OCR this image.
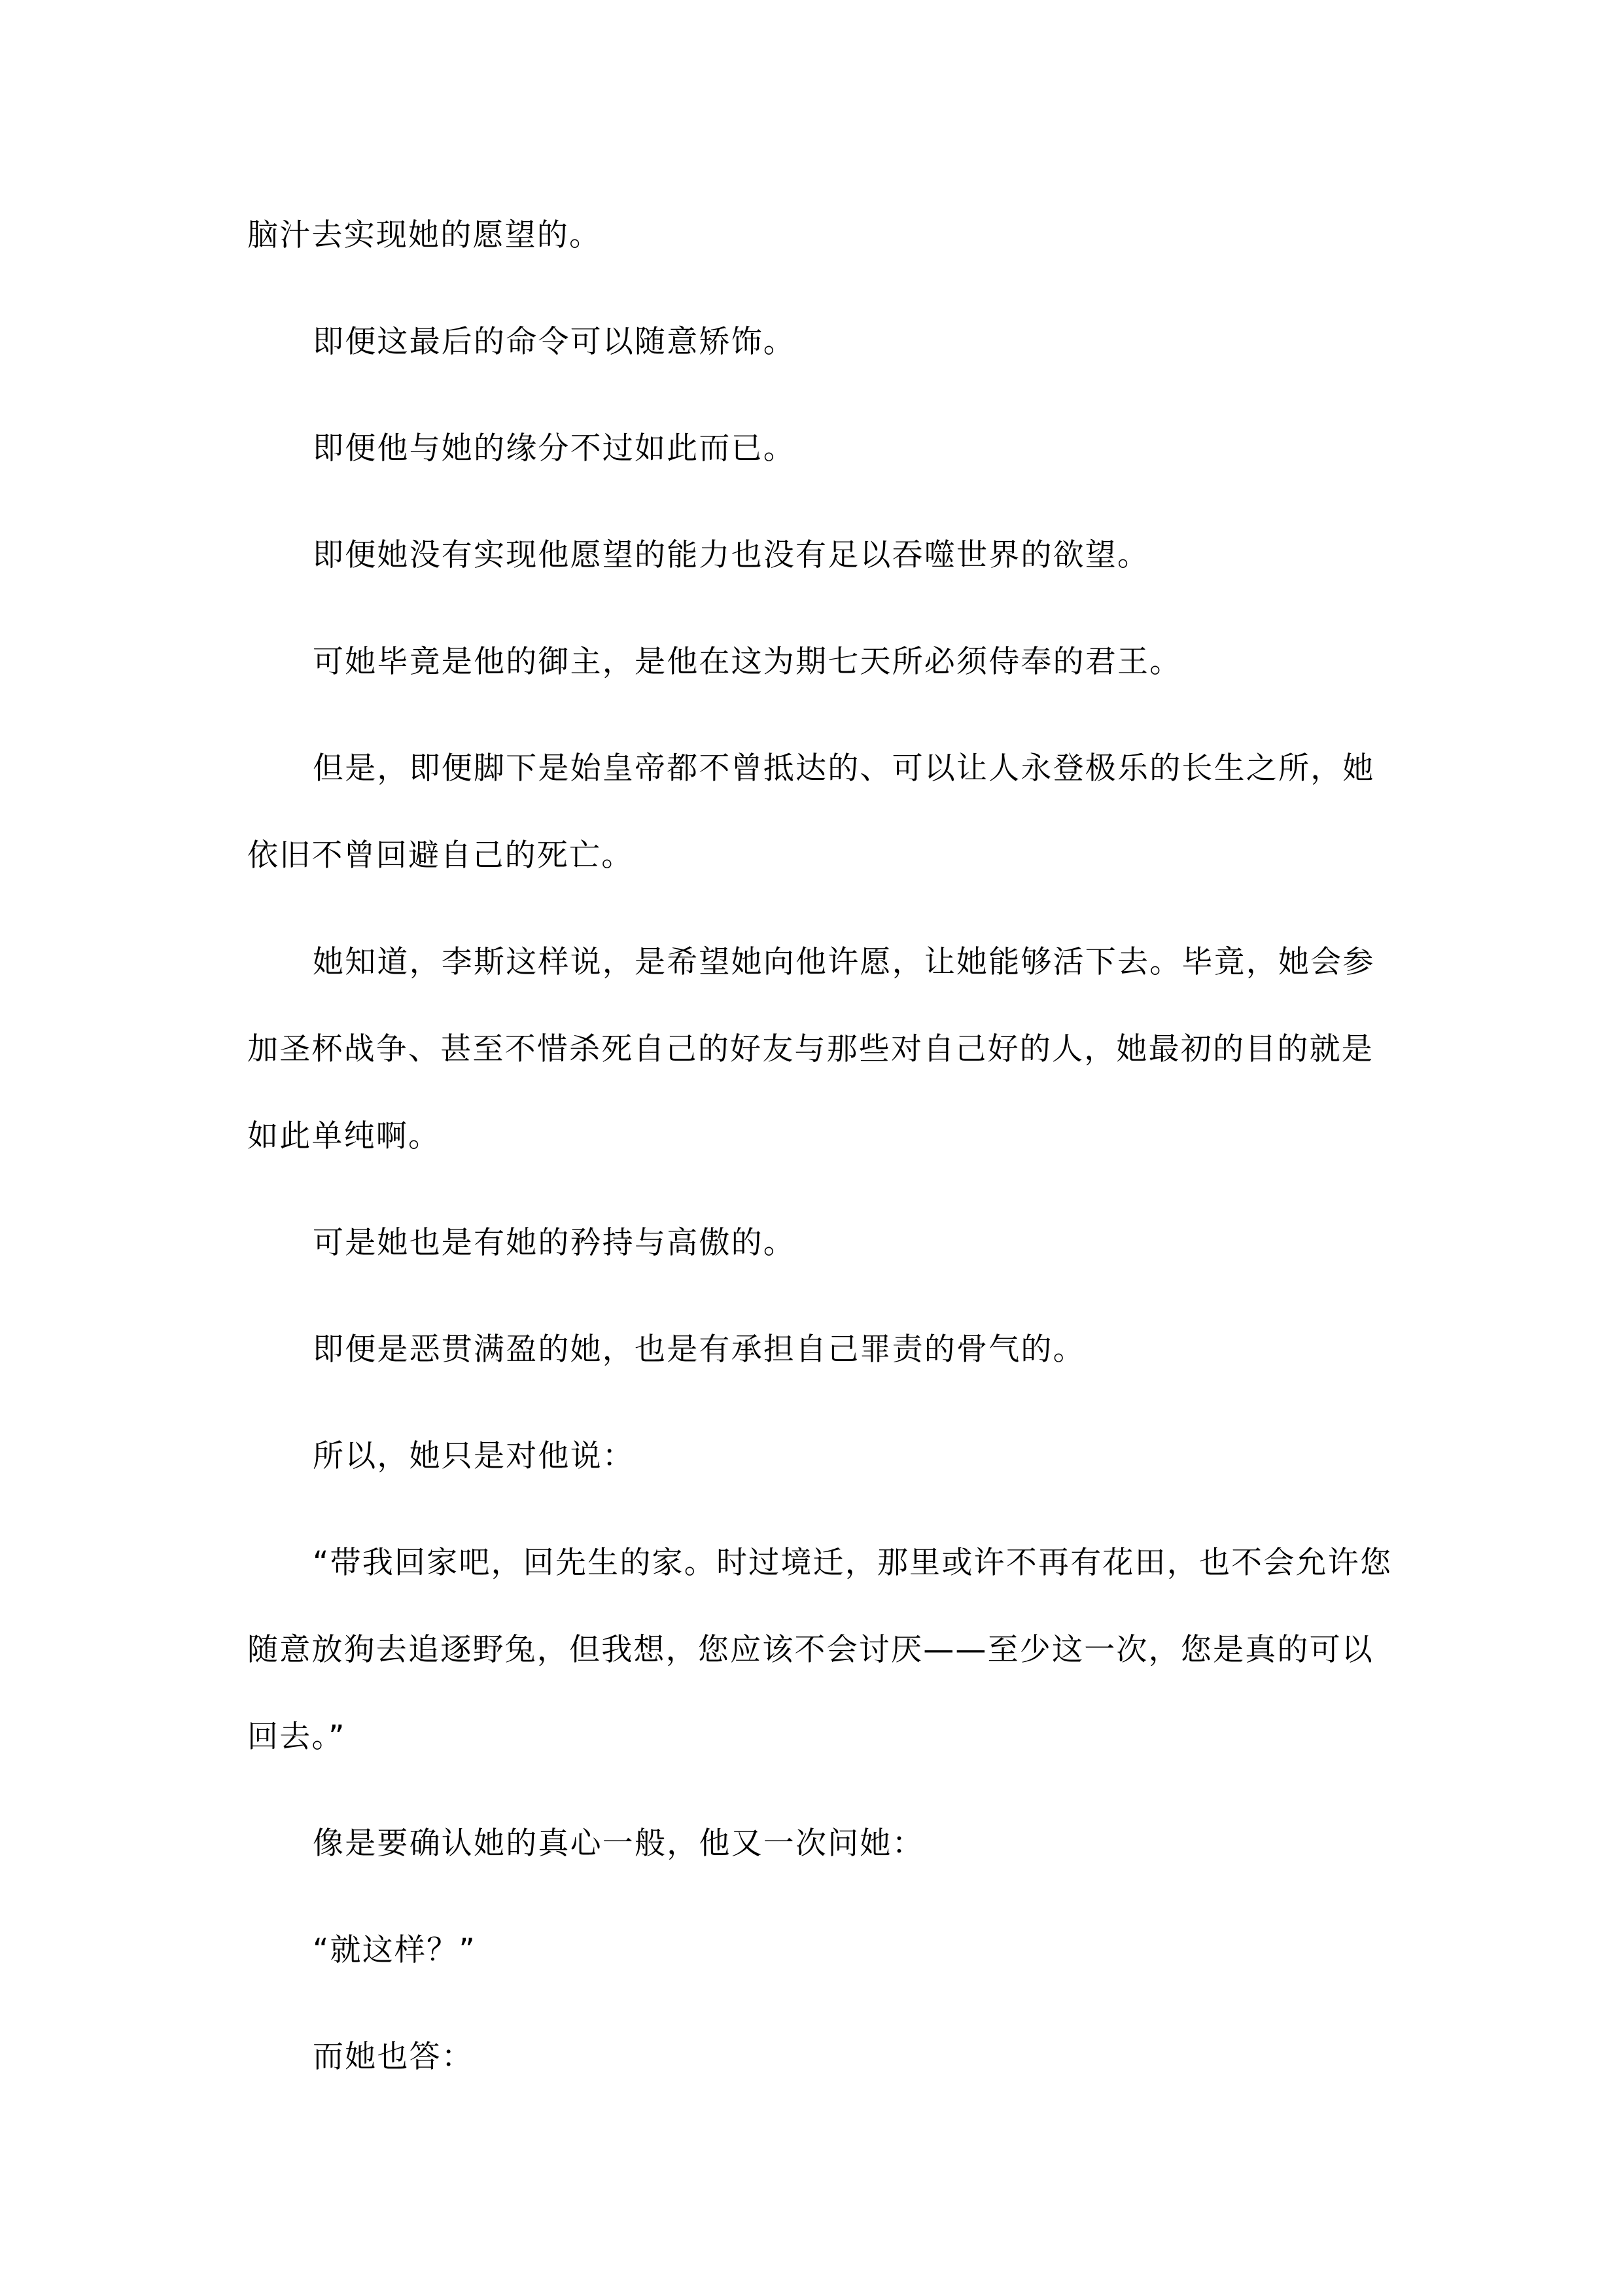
脑汁去实现她的愿望的。

即便这最后的命令可以随意矫饰。

即便他与她的缘分不过如此而已。

即便她没有实现他愿望的能力也没有足以吞噬世界的欲望。

可她毕竟是他的御主，是他在这为期七天所必须侍奉的君王。

但是，即便脚下是始皇帝都不曾抵达的、可以让人永登极乐的长生之所，她

依旧不曾回避自己的死亡。

她知道，李斯这样说，是希望她向他许愿，让她能够活下去。毕竟，她会参

加圣杯战争、甚至不惜杀死自己的好友与那些对自己好的人，她最初的目的就是

如此单纯啊。

可是她也是有她的矜持与高傲的。

即便是恶贯满盈的她，也是有承担自己罪责的骨气的。

所以，她只是对他说：

“带我回家吧，回先生的家。时过境迁，那里或许不再有花田，也不会允许您

随意放狗去追逐野兔，但我想，您应该不会讨厌——至少这一次，您是真的可以

回去。”

像是要确认她的真心一般，他又一次问她：

“就这样？”

而她也答：
